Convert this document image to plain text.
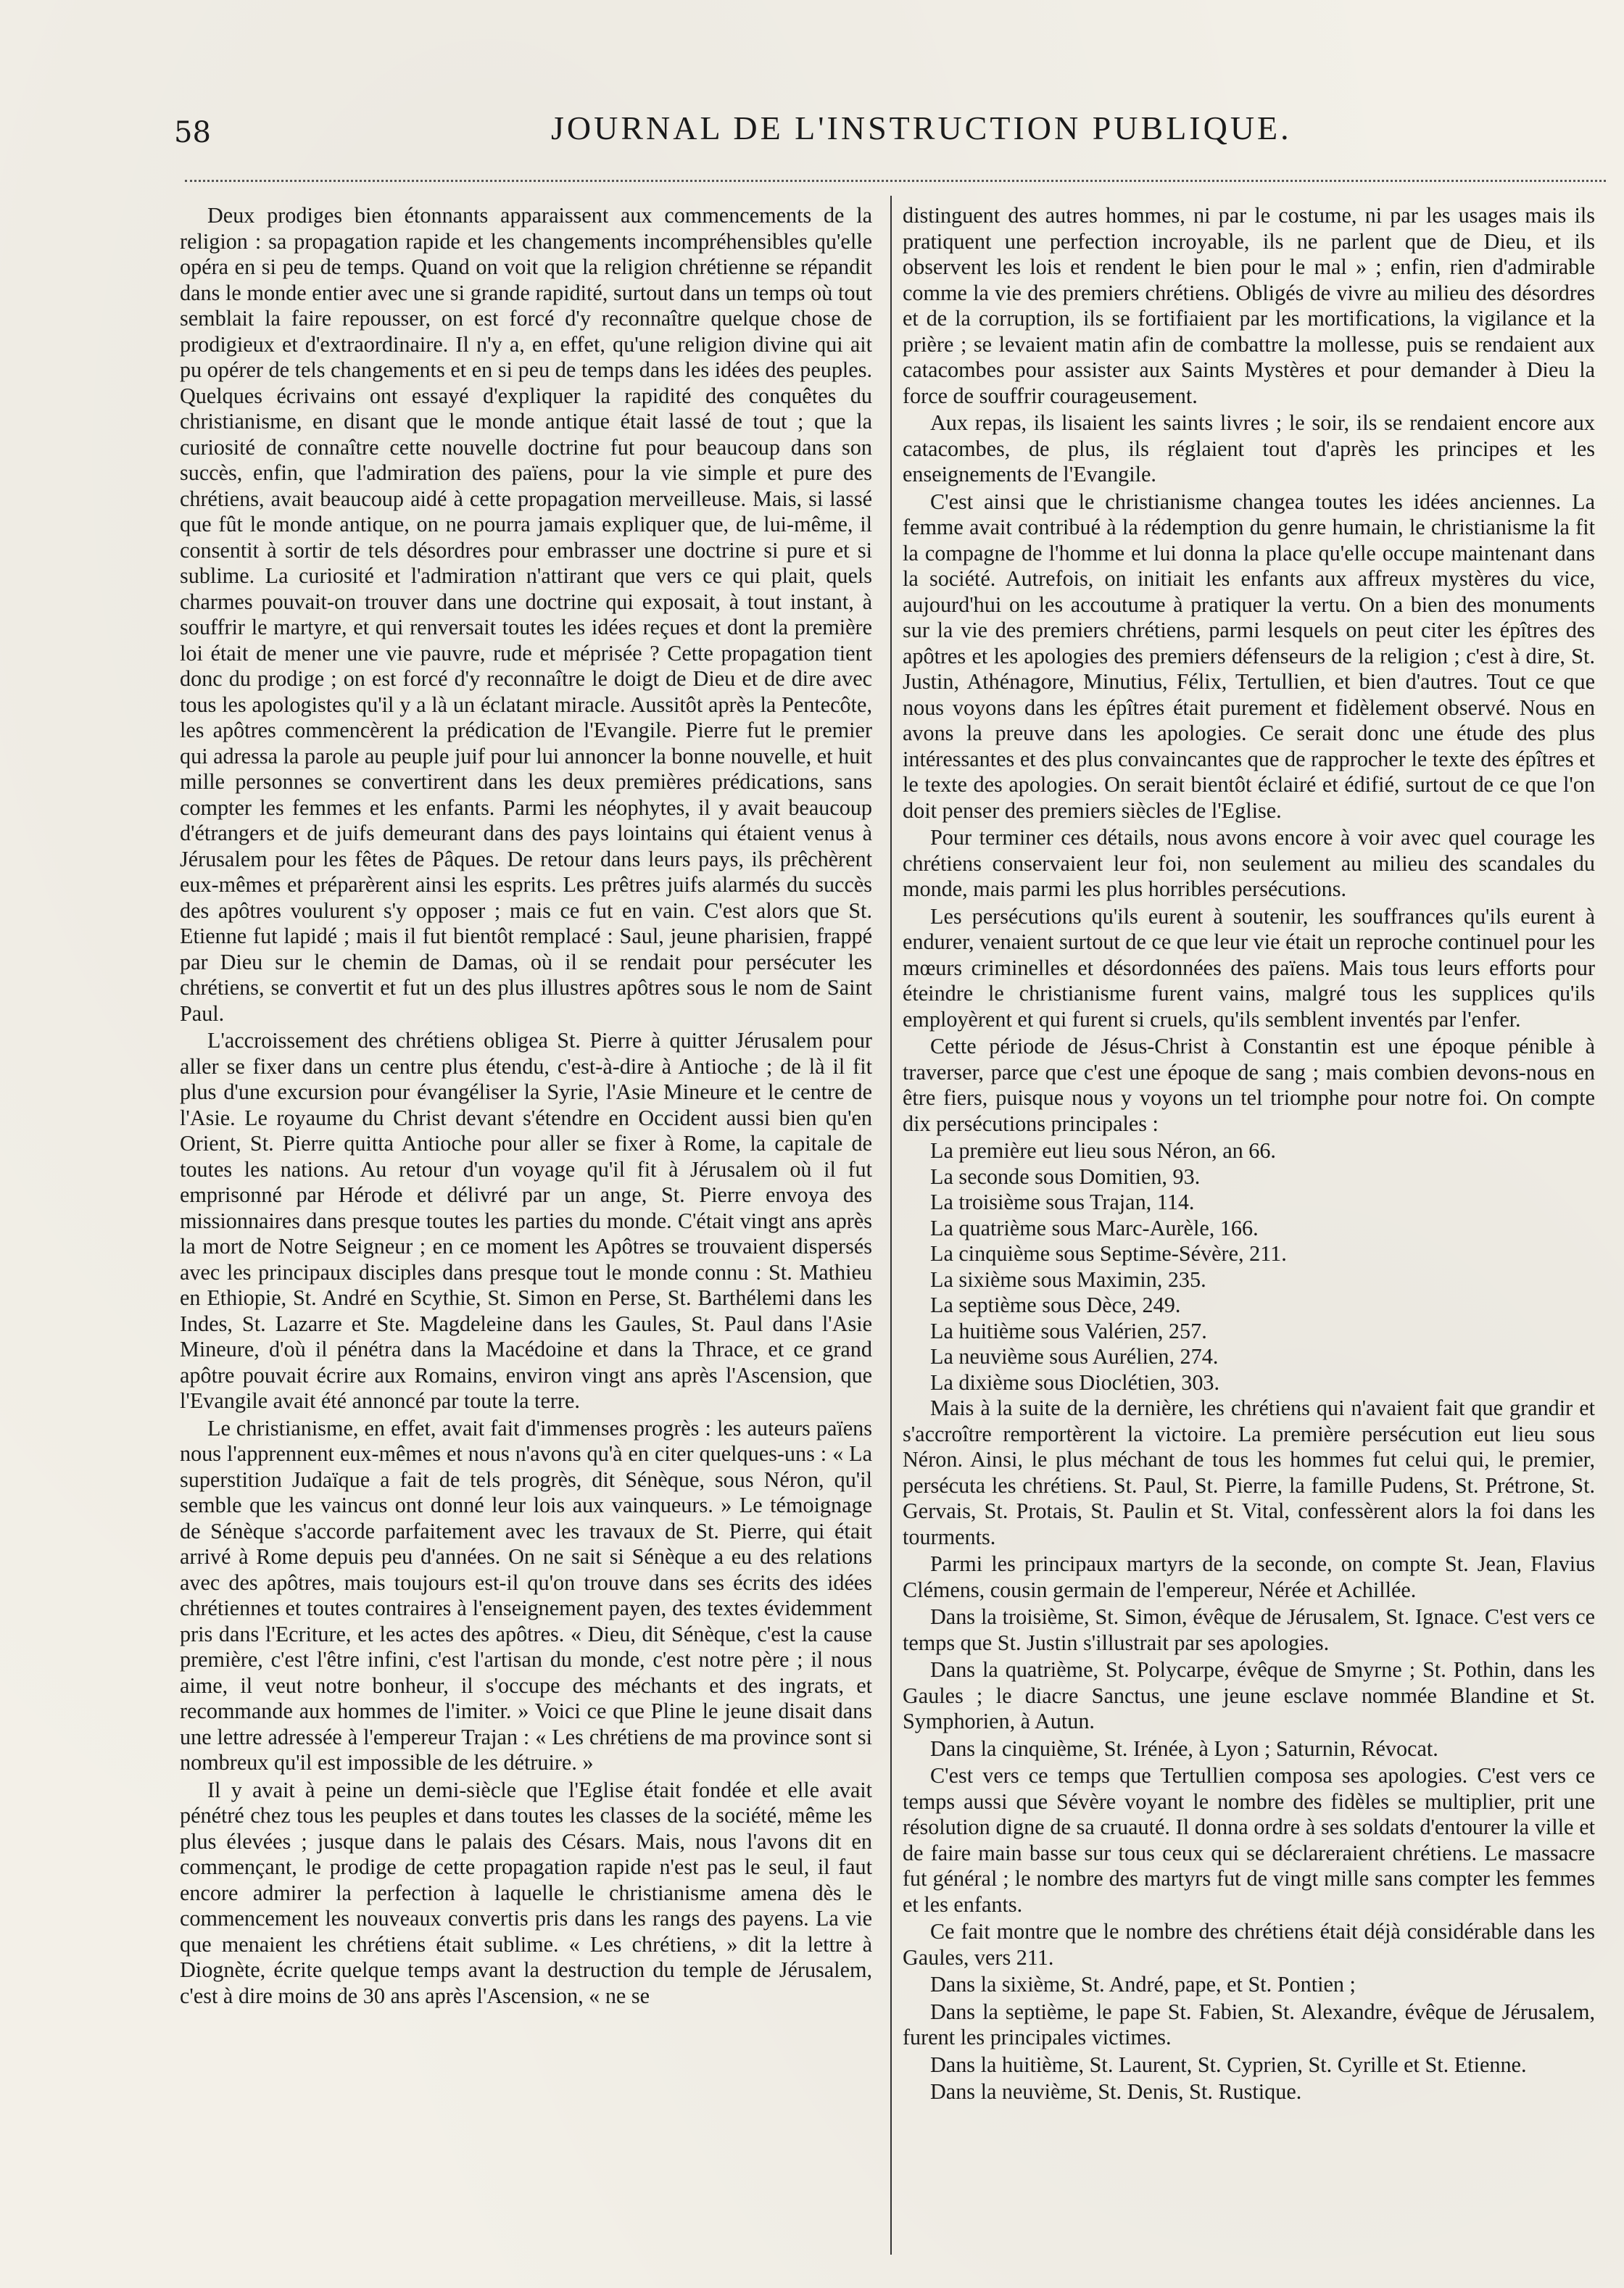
58	JOURNAL DE L'INSTRUCTION PUBLIQUE.

Deux prodiges bien étonnants apparaissent aux commencements de la religion : sa propagation rapide et les changements incompréhensibles qu'elle opéra en si peu de temps. Quand on voit que la religion chrétienne se répandit dans le monde entier avec une si grande rapidité, surtout dans un temps où tout semblait la faire repousser, on est forcé d'y reconnaître quelque chose de prodigieux et d'extraordinaire. Il n'y a, en effet, qu'une religion divine qui ait pu opérer de tels changements et en si peu de temps dans les idées des peuples. Quelques écrivains ont essayé d'expliquer la rapidité des conquêtes du christianisme, en disant que le monde antique était lassé de tout ; que la curiosité de connaître cette nouvelle doctrine fut pour beaucoup dans son succès, enfin, que l'admiration des païens, pour la vie simple et pure des chrétiens, avait beaucoup aidé à cette propagation merveilleuse. Mais, si lassé que fût le monde antique, on ne pourra jamais expliquer que, de lui-même, il consentit à sortir de tels désordres pour embrasser une doctrine si pure et si sublime. La curiosité et l'admiration n'attirant que vers ce qui plait, quels charmes pouvait-on trouver dans une doctrine qui exposait, à tout instant, à souffrir le martyre, et qui renversait toutes les idées reçues et dont la première loi était de mener une vie pauvre, rude et méprisée ? Cette propagation tient donc du prodige ; on est forcé d'y reconnaître le doigt de Dieu et de dire avec tous les apologistes qu'il y a là un éclatant miracle. Aussitôt après la Pentecôte, les apôtres commencèrent la prédication de l'Evangile. Pierre fut le premier qui adressa la parole au peuple juif pour lui annoncer la bonne nouvelle, et huit mille personnes se convertirent dans les deux premières prédications, sans compter les femmes et les enfants. Parmi les néophytes, il y avait beaucoup d'étrangers et de juifs demeurant dans des pays lointains qui étaient venus à Jérusalem pour les fêtes de Pâques. De retour dans leurs pays, ils prêchèrent eux-mêmes et préparèrent ainsi les esprits. Les prêtres juifs alarmés du succès des apôtres voulurent s'y opposer ; mais ce fut en vain. C'est alors que St. Etienne fut lapidé ; mais il fut bientôt remplacé : Saul, jeune pharisien, frappé par Dieu sur le chemin de Damas, où il se rendait pour persécuter les chrétiens, se convertit et fut un des plus illustres apôtres sous le nom de Saint Paul.

L'accroissement des chrétiens obligea St. Pierre à quitter Jérusalem pour aller se fixer dans un centre plus étendu, c'est-à-dire à Antioche ; de là il fit plus d'une excursion pour évangéliser la Syrie, l'Asie Mineure et le centre de l'Asie. Le royaume du Christ devant s'étendre en Occident aussi bien qu'en Orient, St. Pierre quitta Antioche pour aller se fixer à Rome, la capitale de toutes les nations. Au retour d'un voyage qu'il fit à Jérusalem où il fut emprisonné par Hérode et délivré par un ange, St. Pierre envoya des missionnaires dans presque toutes les parties du monde. C'était vingt ans après la mort de Notre Seigneur ; en ce moment les Apôtres se trouvaient dispersés avec les principaux disciples dans presque tout le monde connu : St. Mathieu en Ethiopie, St. André en Scythie, St. Simon en Perse, St. Barthélemi dans les Indes, St. Lazarre et Ste. Magdeleine dans les Gaules, St. Paul dans l'Asie Mineure, d'où il pénétra dans la Macédoine et dans la Thrace, et ce grand apôtre pouvait écrire aux Romains, environ vingt ans après l'Ascension, que l'Evangile avait été annoncé par toute la terre.

Le christianisme, en effet, avait fait d'immenses progrès : les auteurs païens nous l'apprennent eux-mêmes et nous n'avons qu'à en citer quelques-uns : « La superstition Judaïque a fait de tels progrès, dit Sénèque, sous Néron, qu'il semble que les vaincus ont donné leur lois aux vainqueurs. » Le témoignage de Sénèque s'accorde parfaitement avec les travaux de St. Pierre, qui était arrivé à Rome depuis peu d'années. On ne sait si Sénèque a eu des relations avec des apôtres, mais toujours est-il qu'on trouve dans ses écrits des idées chrétiennes et toutes contraires à l'enseignement payen, des textes évidemment pris dans l'Ecriture, et les actes des apôtres. « Dieu, dit Sénèque, c'est la cause première, c'est l'être infini, c'est l'artisan du monde, c'est notre père ; il nous aime, il veut notre bonheur, il s'occupe des méchants et des ingrats, et recommande aux hommes de l'imiter. » Voici ce que Pline le jeune disait dans une lettre adressée à l'empereur Trajan : « Les chrétiens de ma province sont si nombreux qu'il est impossible de les détruire. »

Il y avait à peine un demi-siècle que l'Eglise était fondée et elle avait pénétré chez tous les peuples et dans toutes les classes de la société, même les plus élevées ; jusque dans le palais des Césars. Mais, nous l'avons dit en commençant, le prodige de cette propagation rapide n'est pas le seul, il faut encore admirer la perfection à laquelle le christianisme amena dès le commencement les nouveaux convertis pris dans les rangs des payens. La vie que menaient les chrétiens était sublime. « Les chrétiens, » dit la lettre à Diognète, écrite quelque temps avant la destruction du temple de Jérusalem, c'est à dire moins de 30 ans après l'Ascension, « ne se

distinguent des autres hommes, ni par le costume, ni par les usages mais ils pratiquent une perfection incroyable, ils ne parlent que de Dieu, et ils observent les lois et rendent le bien pour le mal » ; enfin, rien d'admirable comme la vie des premiers chrétiens. Obligés de vivre au milieu des désordres et de la corruption, ils se fortifiaient par les mortifications, la vigilance et la prière ; se levaient matin afin de combattre la mollesse, puis se rendaient aux catacombes pour assister aux Saints Mystères et pour demander à Dieu la force de souffrir courageusement.

Aux repas, ils lisaient les saints livres ; le soir, ils se rendaient encore aux catacombes, de plus, ils réglaient tout d'après les principes et les enseignements de l'Evangile.

C'est ainsi que le christianisme changea toutes les idées anciennes. La femme avait contribué à la rédemption du genre humain, le christianisme la fit la compagne de l'homme et lui donna la place qu'elle occupe maintenant dans la société. Autrefois, on initiait les enfants aux affreux mystères du vice, aujourd'hui on les accoutume à pratiquer la vertu. On a bien des monuments sur la vie des premiers chrétiens, parmi lesquels on peut citer les épîtres des apôtres et les apologies des premiers défenseurs de la religion ; c'est à dire, St. Justin, Athénagore, Minutius, Félix, Tertullien, et bien d'autres. Tout ce que nous voyons dans les épîtres était purement et fidèlement observé. Nous en avons la preuve dans les apologies. Ce serait donc une étude des plus intéressantes et des plus convaincantes que de rapprocher le texte des épîtres et le texte des apologies. On serait bientôt éclairé et édifié, surtout de ce que l'on doit penser des premiers siècles de l'Eglise.

Pour terminer ces détails, nous avons encore à voir avec quel courage les chrétiens conservaient leur foi, non seulement au milieu des scandales du monde, mais parmi les plus horribles persécutions.

Les persécutions qu'ils eurent à soutenir, les souffrances qu'ils eurent à endurer, venaient surtout de ce que leur vie était un reproche continuel pour les mœurs criminelles et désordonnées des païens. Mais tous leurs efforts pour éteindre le christianisme furent vains, malgré tous les supplices qu'ils employèrent et qui furent si cruels, qu'ils semblent inventés par l'enfer.

Cette période de Jésus-Christ à Constantin est une époque pénible à traverser, parce que c'est une époque de sang ; mais combien devons-nous en être fiers, puisque nous y voyons un tel triomphe pour notre foi. On compte dix persécutions principales :

La première eut lieu sous Néron, an 66.

La seconde sous Domitien, 93.

La troisième sous Trajan, 114.

La quatrième sous Marc-Aurèle, 166.

La cinquième sous Septime-Sévère, 211.

La sixième sous Maximin, 235.

La septième sous Dèce, 249.

La huitième sous Valérien, 257.

La neuvième sous Aurélien, 274.

La dixième sous Dioclétien, 303.

Mais à la suite de la dernière, les chrétiens qui n'avaient fait que grandir et s'accroître remportèrent la victoire. La première persécution eut lieu sous Néron. Ainsi, le plus méchant de tous les hommes fut celui qui, le premier, persécuta les chrétiens. St. Paul, St. Pierre, la famille Pudens, St. Prétrone, St. Gervais, St. Protais, St. Paulin et St. Vital, confessèrent alors la foi dans les tourments.

Parmi les principaux martyrs de la seconde, on compte St. Jean, Flavius Clémens, cousin germain de l'empereur, Nérée et Achillée.

Dans la troisième, St. Simon, évêque de Jérusalem, St. Ignace. C'est vers ce temps que St. Justin s'illustrait par ses apologies.

Dans la quatrième, St. Polycarpe, évêque de Smyrne ; St. Pothin, dans les Gaules ; le diacre Sanctus, une jeune esclave nommée Blandine et St. Symphorien, à Autun.

Dans la cinquième, St. Irénée, à Lyon ; Saturnin, Révocat.

C'est vers ce temps que Tertullien composa ses apologies. C'est vers ce temps aussi que Sévère voyant le nombre des fidèles se multiplier, prit une résolution digne de sa cruauté. Il donna ordre à ses soldats d'entourer la ville et de faire main basse sur tous ceux qui se déclareraient chrétiens. Le massacre fut général ; le nombre des martyrs fut de vingt mille sans compter les femmes et les enfants.

Ce fait montre que le nombre des chrétiens était déjà considérable dans les Gaules, vers 211.

Dans la sixième, St. André, pape, et St. Pontien ;

Dans la septième, le pape St. Fabien, St. Alexandre, évêque de Jérusalem, furent les principales victimes.

Dans la huitième, St. Laurent, St. Cyprien, St. Cyrille et St. Etienne.

Dans la neuvième, St. Denis, St. Rustique.
